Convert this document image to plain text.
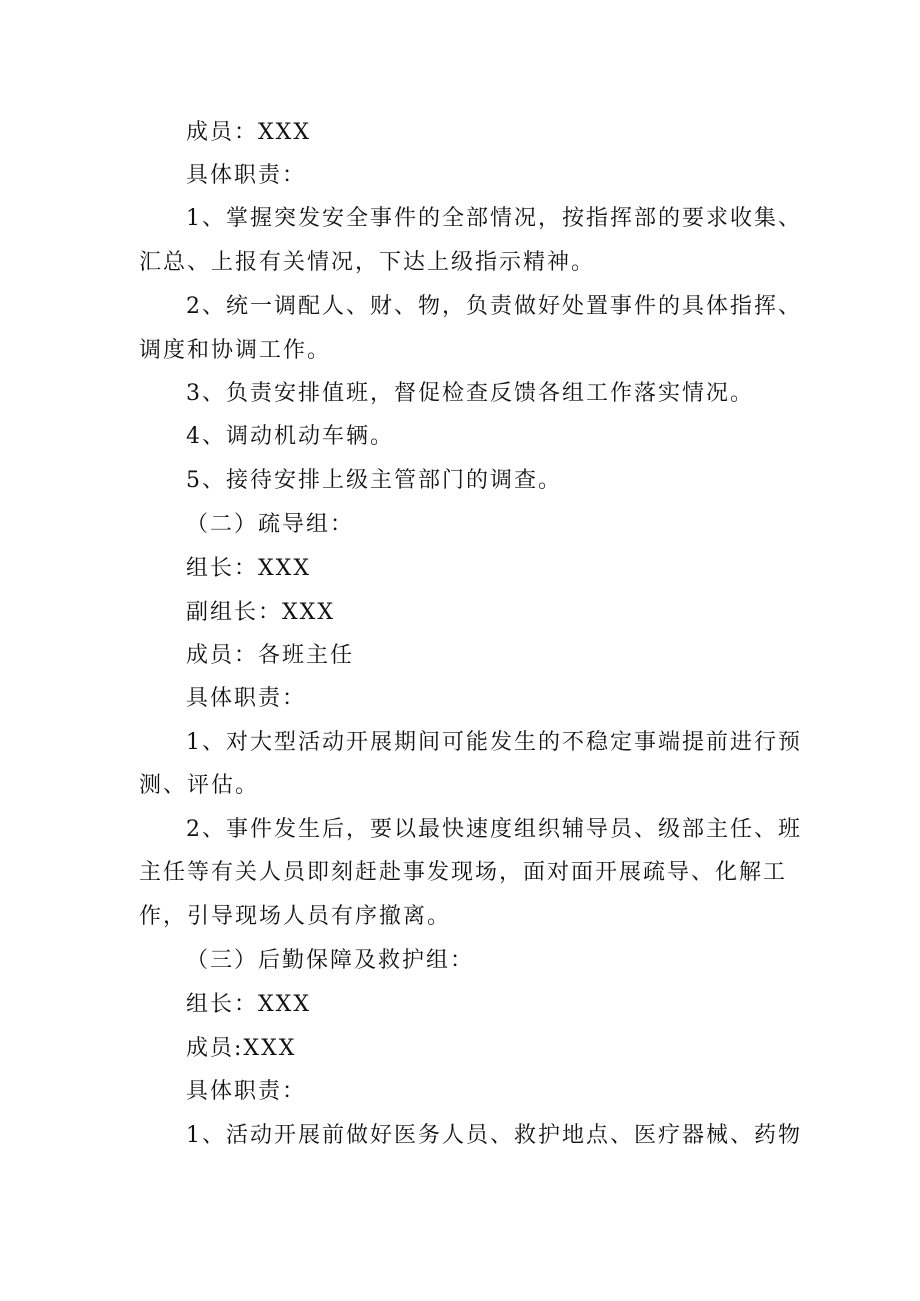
成员：XXX
具体职责：
1、掌握突发安全事件的全部情况，按指挥部的要求收集、
汇总、上报有关情况，下达上级指示精神。
2、统一调配人、财、物，负责做好处置事件的具体指挥、
调度和协调工作。
3、负责安排值班，督促检查反馈各组工作落实情况。
4、调动机动车辆。
5、接待安排上级主管部门的调查。
（二）疏导组：
组长：XXX
副组长：XXX
成员：各班主任
具体职责：
1、对大型活动开展期间可能发生的不稳定事端提前进行预
测、评估。
2、事件发生后，要以最快速度组织辅导员、级部主任、班
主任等有关人员即刻赶赴事发现场，面对面开展疏导、化解工
作，引导现场人员有序撤离。
（三）后勤保障及救护组：
组长：XXX
成员:XXX
具体职责：
1、活动开展前做好医务人员、救护地点、医疗器械、药物
